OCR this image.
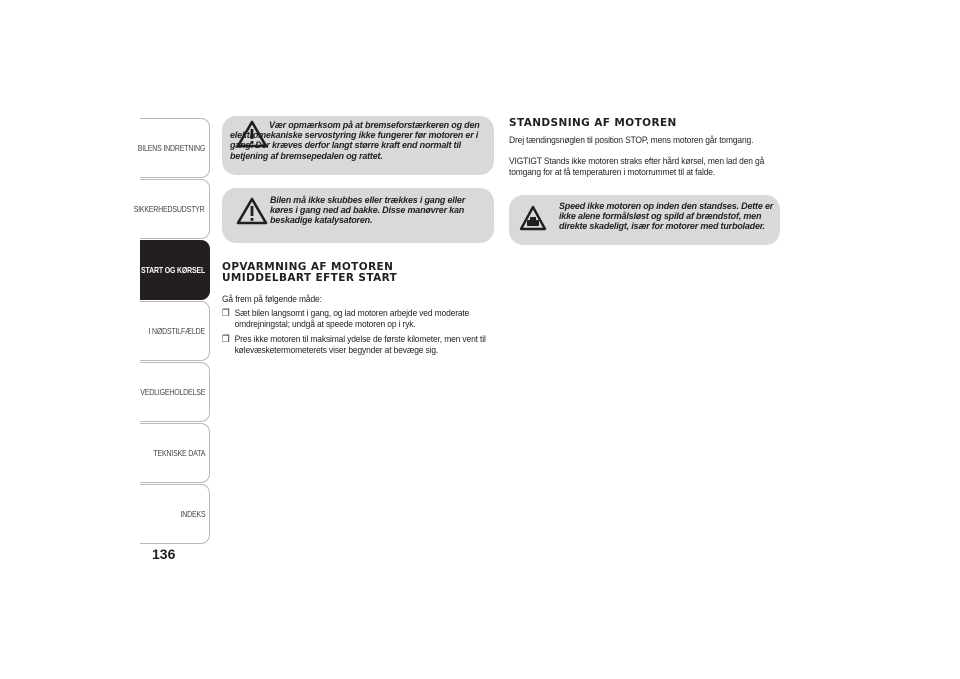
BILENS INDRETNING
SIKKERHEDSUDSTYR
START OG KØRSEL
I NØDSTILFÆLDE
VEDLIGEHOLDELSE
TEKNISKE DATA
INDEKS
136

Vær opmærksom på at bremseforstærkeren og den elektromekaniske servostyring ikke fungerer før motoren er i gang. Der kræves derfor langt større kraft end normalt til betjening af bremsepedalen og rattet.

Bilen må ikke skubbes eller trækkes i gang eller køres i gang ned ad bakke. Disse manøvrer kan beskadige katalysatoren.

OPVARMNING AF MOTOREN
UMIDDELBART EFTER START

Gå frem på følgende måde:

❒ Sæt bilen langsomt i gang, og lad motoren arbejde ved moderate omdrejningstal; undgå at speede motoren op i ryk.

❒ Pres ikke motoren til maksimal ydelse de første kilometer, men vent til kølevæsketermometerets viser begynder at bevæge sig.

STANDSNING AF MOTOREN

Drej tændingsnøglen til position STOP, mens motoren går tomgang.

VIGTIGT Stands ikke motoren straks efter hård kørsel, men lad den gå tomgang for at få temperaturen i motorrummet til at falde.

Speed ikke motoren op inden den standses. Dette er ikke alene formålsløst og spild af brændstof, men direkte skadeligt, især for motorer med turbolader.
